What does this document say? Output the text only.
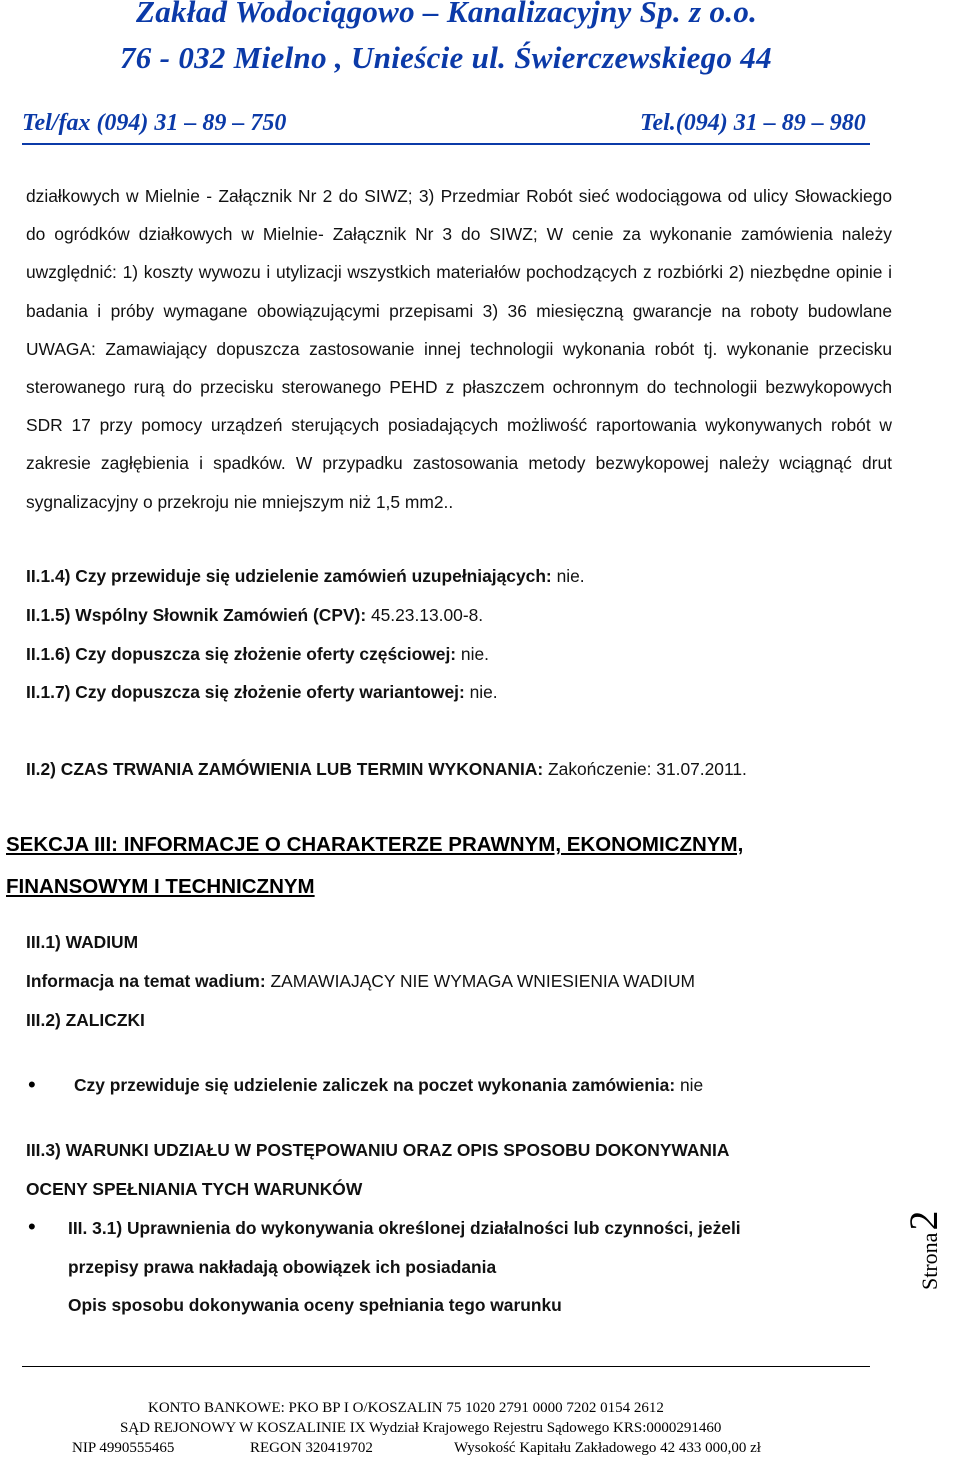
Zakład Wodociągowo – Kanalizacyjny Sp. z o.o.
76 - 032 Mielno , Unieście ul. Świerczewskiego 44
Tel/fax (094) 31 – 89 – 750	Tel.(094) 31 – 89 – 980
działkowych w Mielnie - Załącznik Nr 2 do SIWZ; 3) Przedmiar Robót sieć wodociągowa od ulicy Słowackiego do ogródków działkowych w Mielnie- Załącznik Nr 3 do SIWZ; W cenie za wykonanie zamówienia należy uwzględnić: 1) koszty wywozu i utylizacji wszystkich materiałów pochodzących z rozbiórki 2) niezbędne opinie i badania i próby wymagane obowiązującymi przepisami 3) 36 miesięczną gwarancje na roboty budowlane UWAGA: Zamawiający dopuszcza zastosowanie innej technologii wykonania robót tj. wykonanie przecisku sterowanego rurą do przecisku sterowanego PEHD z płaszczem ochronnym do technologii bezwykopowych SDR 17 przy pomocy urządzeń sterujących posiadających możliwość raportowania wykonywanych robót w zakresie zagłębienia i spadków. W przypadku zastosowania metody bezwykopowej należy wciągnąć drut sygnalizacyjny o przekroju nie mniejszym niż 1,5 mm2..
II.1.4) Czy przewiduje się udzielenie zamówień uzupełniających: nie.
II.1.5) Wspólny Słownik Zamówień (CPV): 45.23.13.00-8.
II.1.6) Czy dopuszcza się złożenie oferty częściowej: nie.
II.1.7) Czy dopuszcza się złożenie oferty wariantowej: nie.
II.2) CZAS TRWANIA ZAMÓWIENIA LUB TERMIN WYKONANIA: Zakończenie: 31.07.2011.
SEKCJA III: INFORMACJE O CHARAKTERZE PRAWNYM, EKONOMICZNYM, FINANSOWYM I TECHNICZNYM
III.1) WADIUM
Informacja na temat wadium: ZAMAWIAJĄCY NIE WYMAGA WNIESIENIA WADIUM
III.2) ZALICZKI
• Czy przewiduje się udzielenie zaliczek na poczet wykonania zamówienia: nie
III.3) WARUNKI UDZIAŁU W POSTĘPOWANIU ORAZ OPIS SPOSOBU DOKONYWANIA
OCENY SPEŁNIANIA TYCH WARUNKÓW
• III. 3.1) Uprawnienia do wykonywania określonej działalności lub czynności, jeżeli
przepisy prawa nakładają obowiązek ich posiadania
Opis sposobu dokonywania oceny spełniania tego warunku
Strona2
KONTO BANKOWE: PKO BP I O/KOSZALIN 75 1020 2791 0000 7202 0154 2612
SĄD REJONOWY W KOSZALINIE IX Wydział Krajowego Rejestru Sądowego KRS:0000291460
NIP 4990555465	REGON 320419702	Wysokość Kapitału Zakładowego 42 433 000,00 zł
